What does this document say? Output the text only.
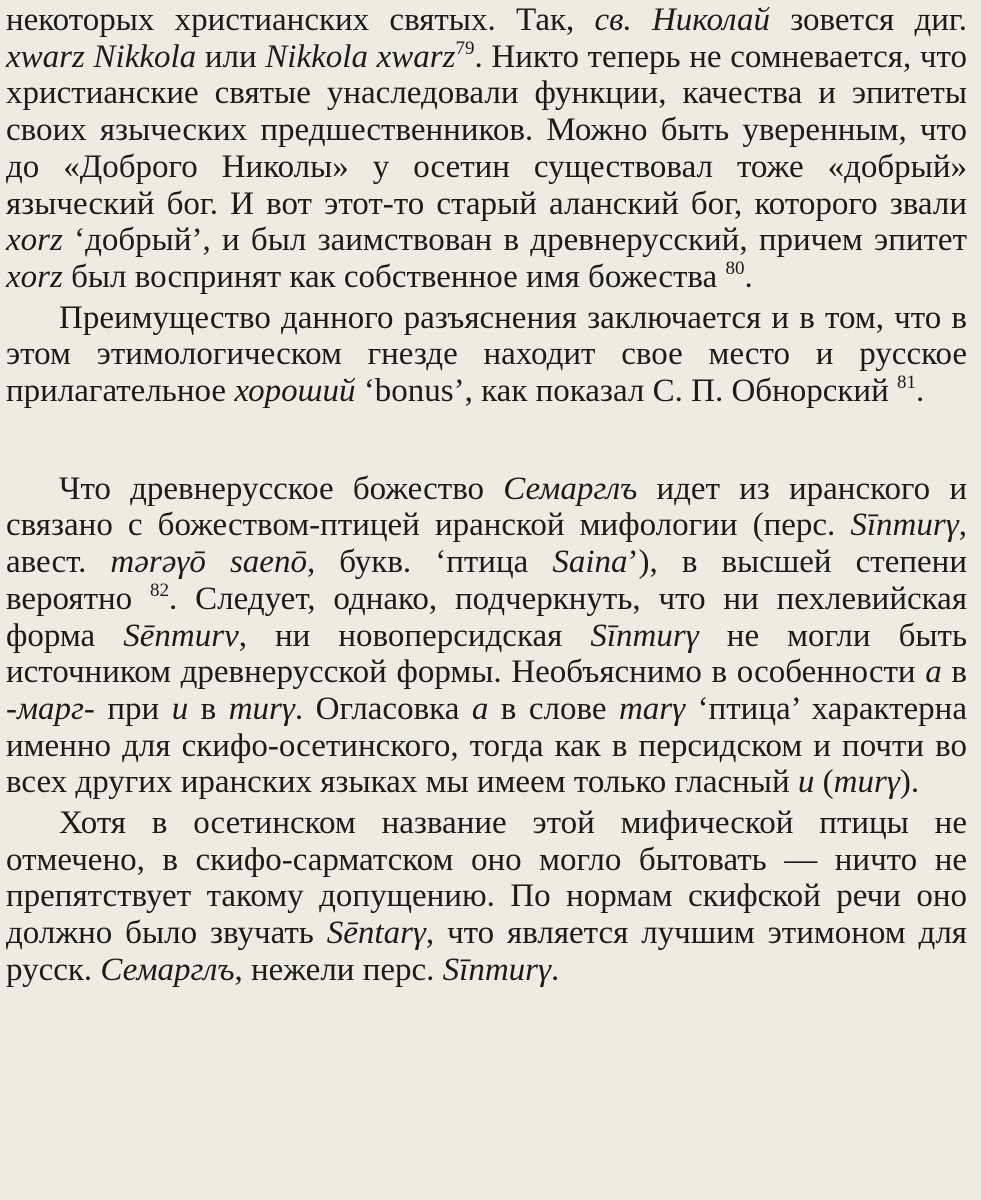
некоторых христианских святых. Так, св. Николай зовется диг. xwarz Nikkola или Nikkola xwarz$^{79}$. Никто теперь не сомневается, что христианские святые унаследовали функции, качества и эпитеты своих языческих предшественников. Можно быть уверенным, что до «Доброго Николы» у осетин существовал тоже «добрый» языческий бог. И вот этот-то старый аланский бог, которого звали xorz ‘добрый’, и был заимствован в древнерусский, причем эпитет xorz был воспринят как собственное имя божества $^{80}$.

Преимущество данного разъяснения заключается и в том, что в этом этимологическом гнезде находит свое место и русское прилагательное хороший ‘bonus’, как показал С. П. Обнорский $^{81}$.

Что древнерусское божество Семарглъ идет из иранского и связано с божеством-птицей иранской мифологии (перс. Sīnmurγ, авест. mərəγō saenō, букв. ‘птица Saina’), в высшей степени вероятно $^{82}$. Следует, однако, подчеркнуть, что ни пехлевийская форма Sēnmurv, ни новоперсидская Sīnmurγ не могли быть источником древнерусской формы. Необъяснимо в особенности a в -марг- при u в murγ. Огласовка a в слове marγ ‘птица’ характерна именно для скифо-осетинского, тогда как в персидском и почти во всех других иранских языках мы имеем только гласный u (murγ).

Хотя в осетинском название этой мифической птицы не отмечено, в скифо-сарматском оно могло бытовать — ничто не препятствует такому допущению. По нормам скифской речи оно должно было звучать Sēntarγ, что является лучшим этимоном для русск. Семарглъ, нежели перс. Sīnmurγ.
